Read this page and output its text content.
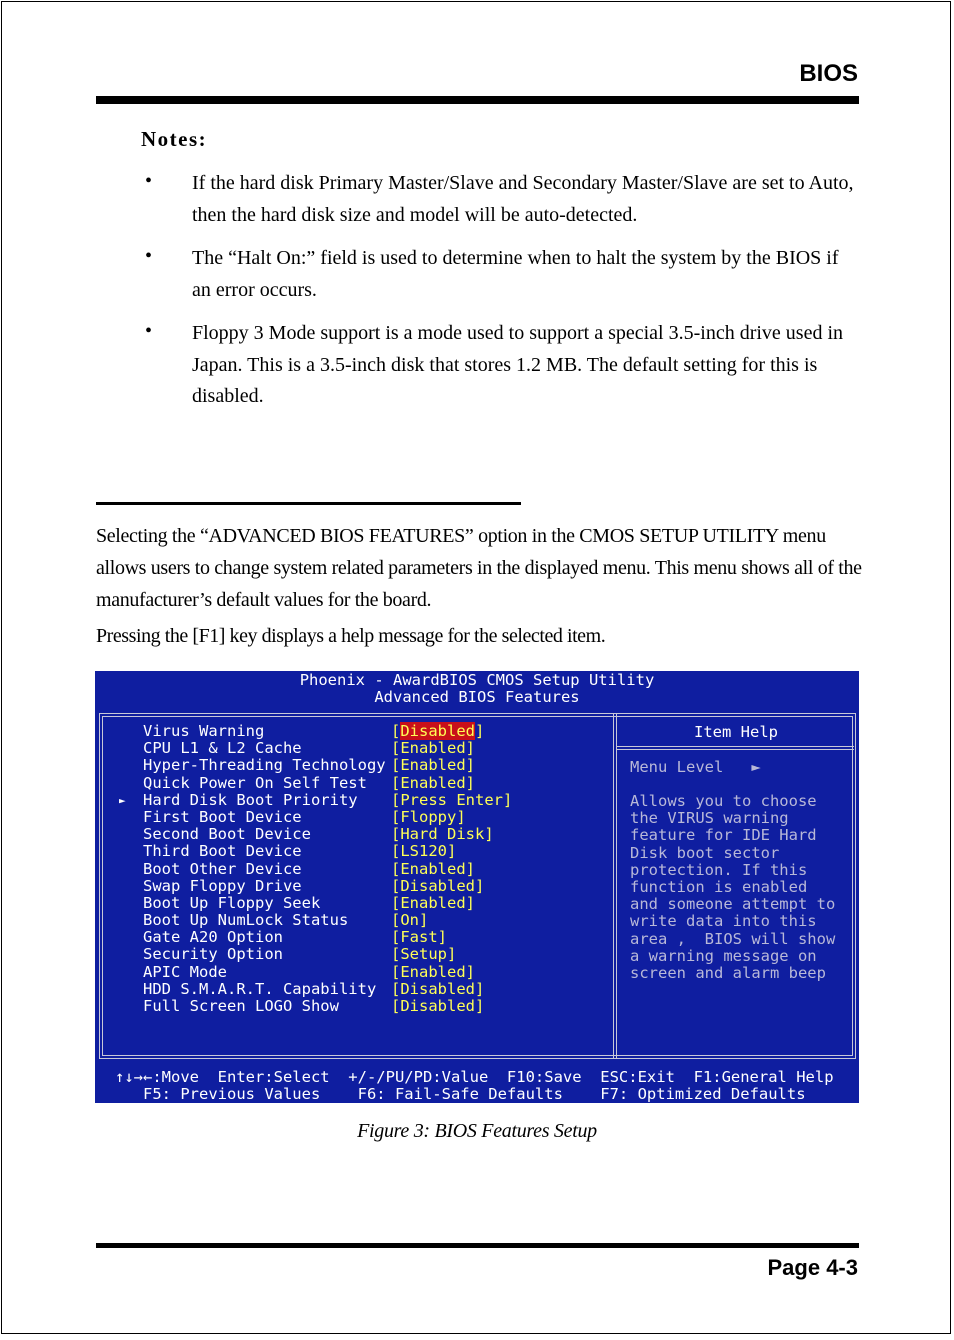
BIOS
Notes:
• If the hard disk Primary Master/Slave and Secondary Master/Slave are set to Auto, then the hard disk size and model will be auto-detected.
• The “Halt On:” field is used to determine when to halt the system by the BIOS if an error occurs.
• Floppy 3 Mode support is a mode used to support a special 3.5-inch drive used in Japan. This is a 3.5-inch disk that stores 1.2 MB. The default setting for this is disabled.
Selecting the “ADVANCED BIOS FEATURES” option in the CMOS SETUP UTILITY menu allows users to change system related parameters in the displayed menu. This menu shows all of the manufacturer’s default values for the board.
Pressing the [F1] key displays a help message for the selected item.
Phoenix - AwardBIOS CMOS Setup Utility
Advanced BIOS Features
Virus Warning	[Disabled]
CPU L1 & L2 Cache	[Enabled]
Hyper-Threading Technology [Enabled]
Quick Power On Self Test [Enabled]
► Hard Disk Boot Priority [Press Enter]
First Boot Device	[Floppy]
Second Boot Device	[Hard Disk]
Third Boot Device	[LS120]
Boot Other Device	[Enabled]
Swap Floppy Drive	[Disabled]
Boot Up Floppy Seek	[Enabled]
Boot Up NumLock Status	[On]
Gate A20 Option	[Fast]
Security Option	[Setup]
APIC Mode	[Enabled]
HDD S.M.A.R.T. Capability [Disabled]
Full Screen LOGO Show	[Disabled]
Item Help
Menu Level   ►
Allows you to choose
the VIRUS warning
feature for IDE Hard
Disk boot sector
protection. If this
function is enabled
and someone attempt to
write data into this
area ,  BIOS will show
a warning message on
screen and alarm beep
↑↓→←:Move  Enter:Select  +/-/PU/PD:Value  F10:Save  ESC:Exit  F1:General Help
F5: Previous Values    F6: Fail-Safe Defaults    F7: Optimized Defaults
Figure 3: BIOS Features Setup
Page 4-3
